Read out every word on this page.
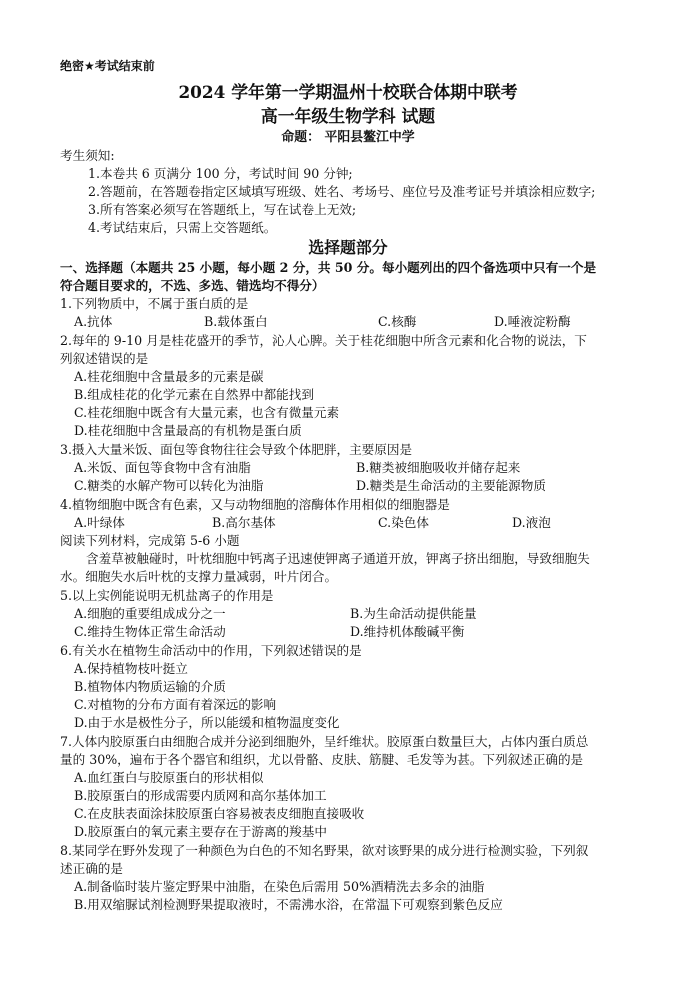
绝密★考试结束前
2024 学年第一学期温州十校联合体期中联考
高一年级生物学科 试题
命题： 平阳县鳌江中学
考生须知:
1.本卷共 6 页满分 100 分，考试时间 90 分钟;
2.答题前，在答题卷指定区域填写班级、姓名、考场号、座位号及准考证号并填涂相应数字;
3.所有答案必须写在答题纸上，写在试卷上无效;
4.考试结束后，只需上交答题纸。
选择题部分
一、选择题（本题共 25 小题，每小题 2 分，共 50 分。每小题列出的四个备选项中只有一个是
符合题目要求的，不选、多选、错选均不得分）
1.下列物质中，不属于蛋白质的是
A.抗体	B.载体蛋白	C.核酶	D.唾液淀粉酶
2.每年的 9-10 月是桂花盛开的季节，沁人心脾。关于桂花细胞中所含元素和化合物的说法，下
列叙述错误的是
A.桂花细胞中含量最多的元素是碳
B.组成桂花的化学元素在自然界中都能找到
C.桂花细胞中既含有大量元素，也含有微量元素
D.桂花细胞中含量最高的有机物是蛋白质
3.摄入大量米饭、面包等食物往往会导致个体肥胖，主要原因是
A.米饭、面包等食物中含有油脂	B.糖类被细胞吸收并储存起来
C.糖类的水解产物可以转化为油脂	D.糖类是生命活动的主要能源物质
4.植物细胞中既含有色素，又与动物细胞的溶酶体作用相似的细胞器是
A.叶绿体	B.高尔基体	C.染色体	D.液泡
阅读下列材料，完成第 5-6 小题
含羞草被触碰时，叶枕细胞中钙离子迅速使钾离子通道开放，钾离子挤出细胞，导致细胞失
水。细胞失水后叶枕的支撑力量减弱，叶片闭合。
5.以上实例能说明无机盐离子的作用是
A.细胞的重要组成成分之一	B.为生命活动提供能量
C.维持生物体正常生命活动	D.维持机体酸碱平衡
6.有关水在植物生命活动中的作用，下列叙述错误的是
A.保持植物枝叶挺立
B.植物体内物质运输的介质
C.对植物的分布方面有着深远的影响
D.由于水是极性分子，所以能缓和植物温度变化
7.人体内胶原蛋白由细胞合成并分泌到细胞外，呈纤维状。胶原蛋白数量巨大，占体内蛋白质总
量的 30%，遍布于各个器官和组织，尤以骨骼、皮肤、筋腱、毛发等为甚。下列叙述正确的是
A.血红蛋白与胶原蛋白的形状相似
B.胶原蛋白的形成需要内质网和高尔基体加工
C.在皮肤表面涂抹胶原蛋白容易被表皮细胞直接吸收
D.胶原蛋白的氧元素主要存在于游离的羧基中
8.某同学在野外发现了一种颜色为白色的不知名野果，欲对该野果的成分进行检测实验，下列叙
述正确的是
A.制备临时装片鉴定野果中油脂，在染色后需用 50%酒精洗去多余的油脂
B.用双缩脲试剂检测野果提取液时，不需沸水浴，在常温下可观察到紫色反应
